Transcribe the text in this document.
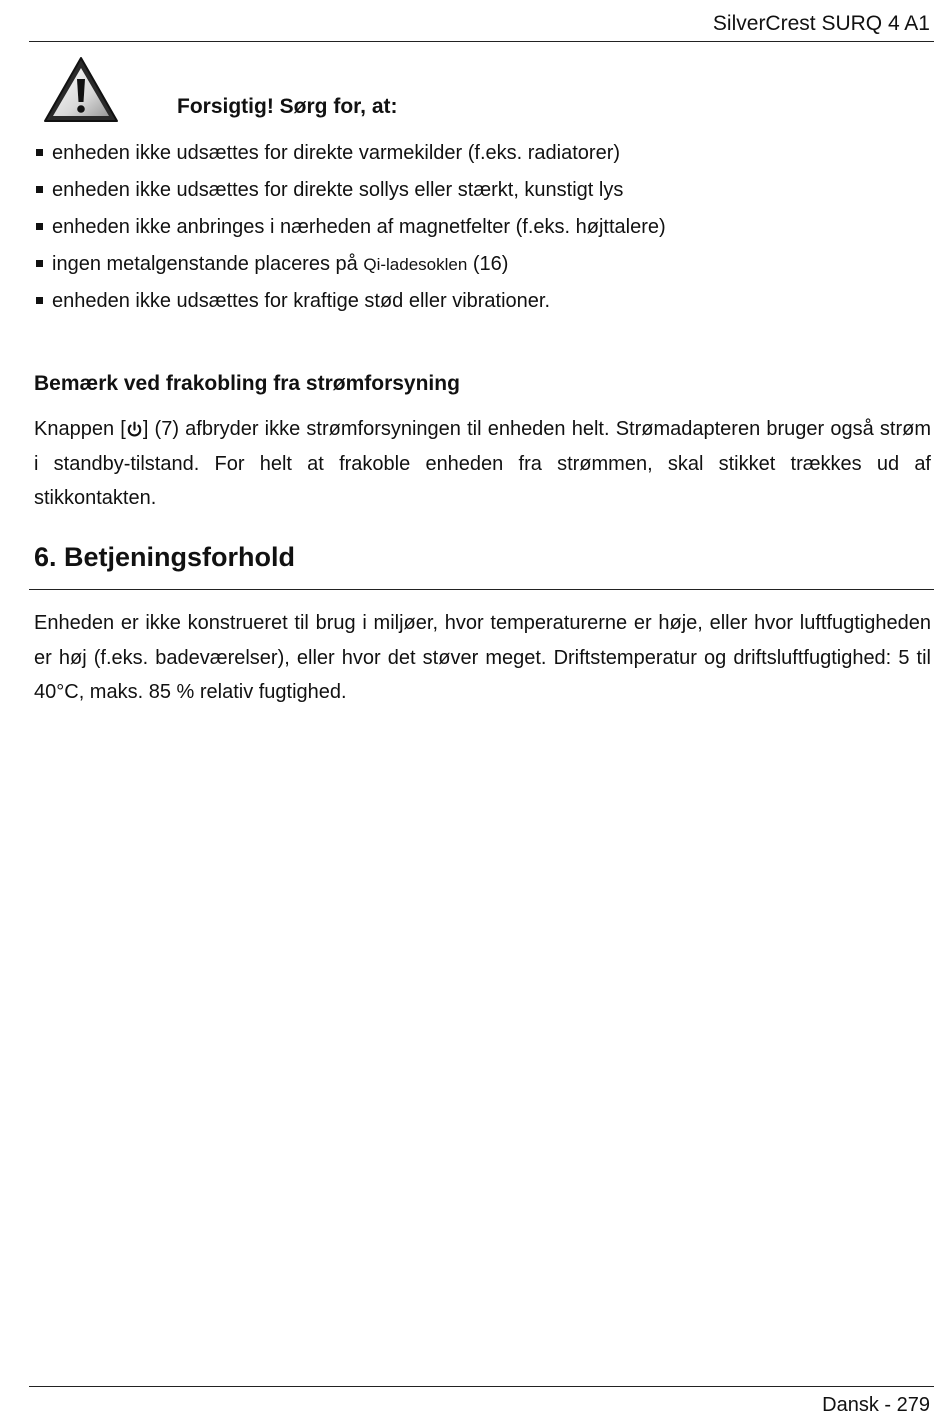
SilverCrest SURQ 4 A1
Forsigtig! Sørg for, at:
enheden ikke udsættes for direkte varmekilder (f.eks. radiatorer)
enheden ikke udsættes for direkte sollys eller stærkt, kunstigt lys
enheden ikke anbringes i nærheden af magnetfelter (f.eks. højttalere)
ingen metalgenstande placeres på Qi-ladesoklen (16)
enheden ikke udsættes for kraftige stød eller vibrationer.
Bemærk ved frakobling fra strømforsyning
Knappen [ ] (7) afbryder ikke strømforsyningen til enheden helt. Strømadapteren bruger også strøm i standby-tilstand. For helt at frakoble enheden fra strømmen, skal stikket trækkes ud af stikkontakten.
6. Betjeningsforhold
Enheden er ikke konstrueret til brug i miljøer, hvor temperaturerne er høje, eller hvor luftfugtigheden er høj (f.eks. badeværelser), eller hvor det støver meget. Driftstemperatur og driftsluftfugtighed: 5 til 40°C, maks. 85 % relativ fugtighed.
Dansk - 279
